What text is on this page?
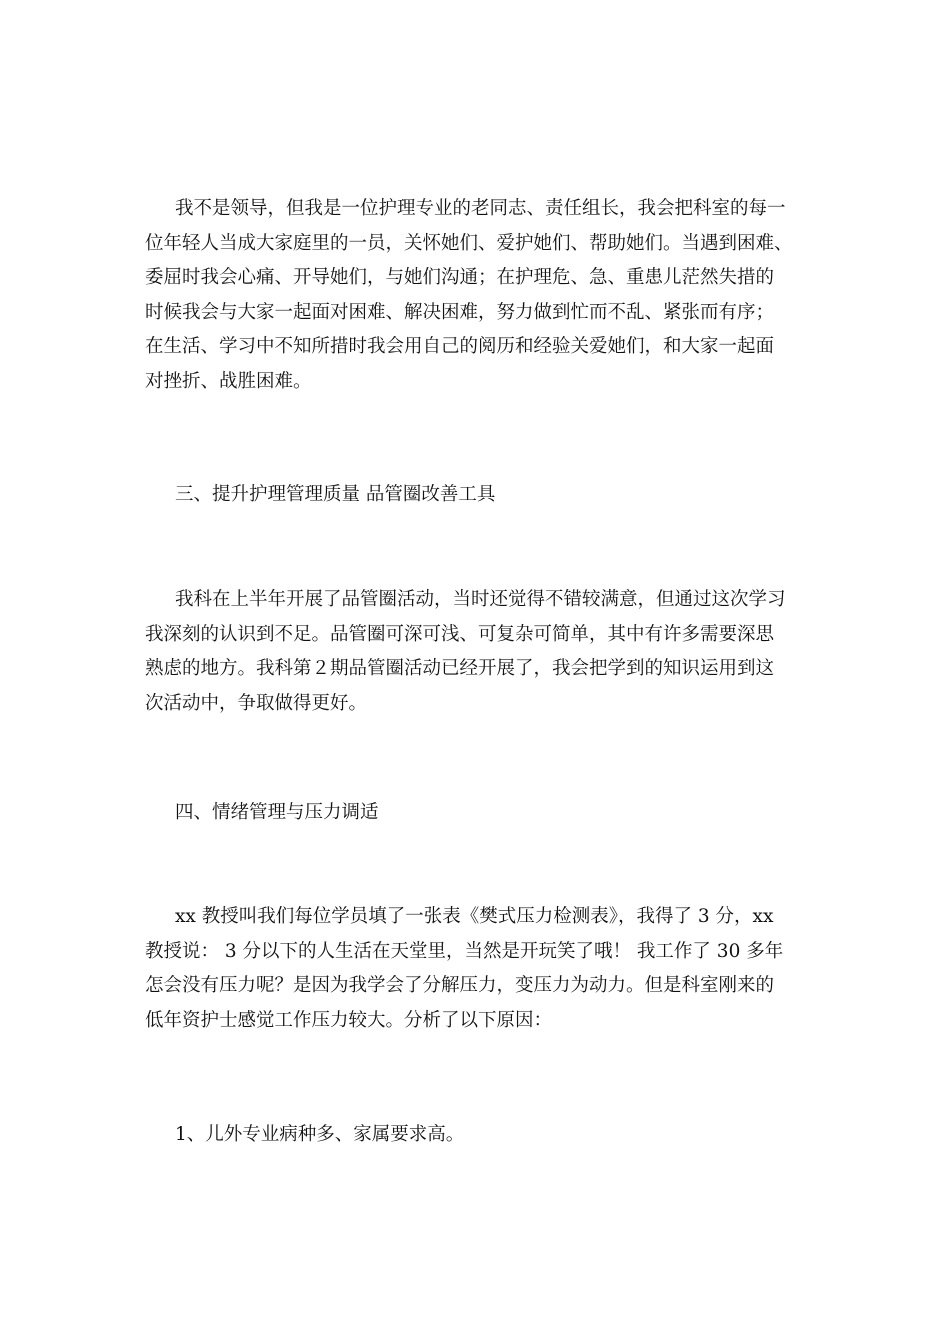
我不是领导，但我是一位护理专业的老同志、责任组长，我会把科室的每一
位年轻人当成大家庭里的一员，关怀她们、爱护她们、帮助她们。当遇到困难、
委屈时我会心痛、开导她们，与她们沟通；在护理危、急、重患儿茫然失措的
时候我会与大家一起面对困难、解决困难，努力做到忙而不乱、紧张而有序；
在生活、学习中不知所措时我会用自己的阅历和经验关爱她们，和大家一起面
对挫折、战胜困难。
三、提升护理管理质量 品管圈改善工具
我科在上半年开展了品管圈活动，当时还觉得不错较满意，但通过这次学习
我深刻的认识到不足。品管圈可深可浅、可复杂可简单，其中有许多需要深思
熟虑的地方。我科第２期品管圈活动已经开展了，我会把学到的知识运用到这
次活动中，争取做得更好。
四、情绪管理与压力调适
xx 教授叫我们每位学员填了一张表《樊式压力检测表》，我得了 3 分，xx
教授说： 3 分以下的人生活在天堂里，当然是开玩笑了哦！ 我工作了 30 多年
怎会没有压力呢？是因为我学会了分解压力，变压力为动力。但是科室刚来的
低年资护士感觉工作压力较大。分析了以下原因：

1、儿外专业病种多、家属要求高。
